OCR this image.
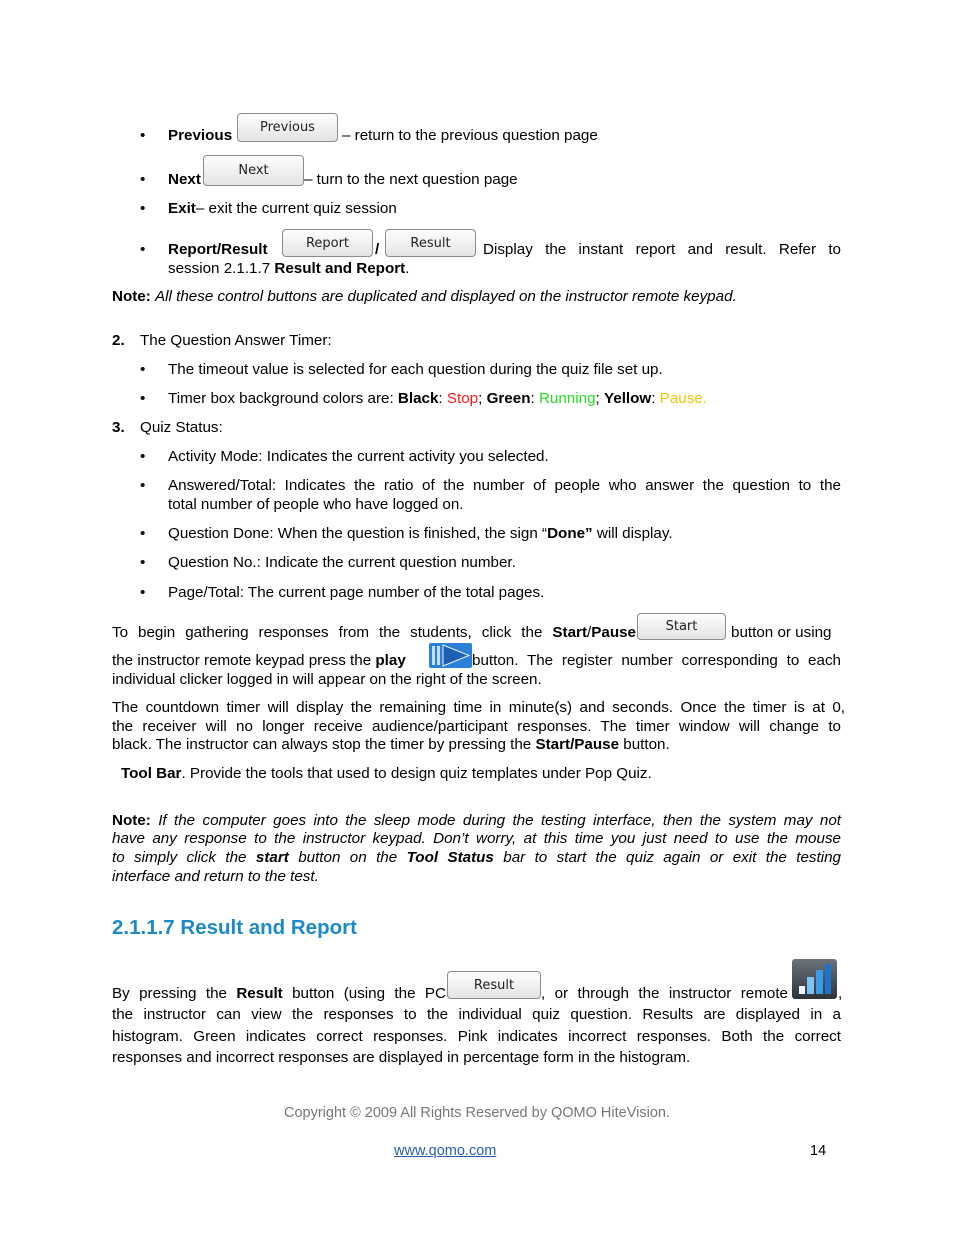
• Previous	Previous	– return to the previous question page
• Next
Next
– turn to the next question page
• Exit– exit the current quiz session
• Report/Result	Report	/	Result	Display the instant report and result. Refer to
session 2.1.1.7 Result and Report.
Note: All these control buttons are duplicated and displayed on the instructor remote keypad.
2. The Question Answer Timer:
• The timeout value is selected for each question during the quiz file set up.
• Timer box background colors are: Black: Stop; Green: Running; Yellow: Pause.
3. Quiz Status:
• Activity Mode: Indicates the current activity you selected.
• Answered/Total: Indicates the ratio of the number of people who answer the question to the
total number of people who have logged on.
• Question Done: When the question is finished, the sign “Done” will display.
• Question No.: Indicate the current question number.
• Page/Total: The current page number of the total pages.
To begin gathering responses from the students, click the Start/Pause	Start	button or using
the instructor remote keypad press the play	button. The register number corresponding to each
individual clicker logged in will appear on the right of the screen.
The countdown timer will display the remaining time in minute(s) and seconds. Once the timer is at 0,
the receiver will no longer receive audience/participant responses. The timer window will change to
black. The instructor can always stop the timer by pressing the Start/Pause button.
Tool Bar. Provide the tools that used to design quiz templates under Pop Quiz.
Note: If the computer goes into the sleep mode during the testing interface, then the system may not
have any response to the instructor keypad. Don’t worry, at this time you just need to use the mouse
to simply click the start button on the Tool Status bar to start the quiz again or exit the testing
interface and return to the test.
2.1.1.7 Result and Report
By pressing the Result button (using the PC	Result	, or through the instructor remote	,
the instructor can view the responses to the individual quiz question. Results are displayed in a
histogram. Green indicates correct responses. Pink indicates incorrect responses. Both the correct
responses and incorrect responses are displayed in percentage form in the histogram.
Copyright © 2009 All Rights Reserved by QOMO HiteVision.
www.qomo.com	14
